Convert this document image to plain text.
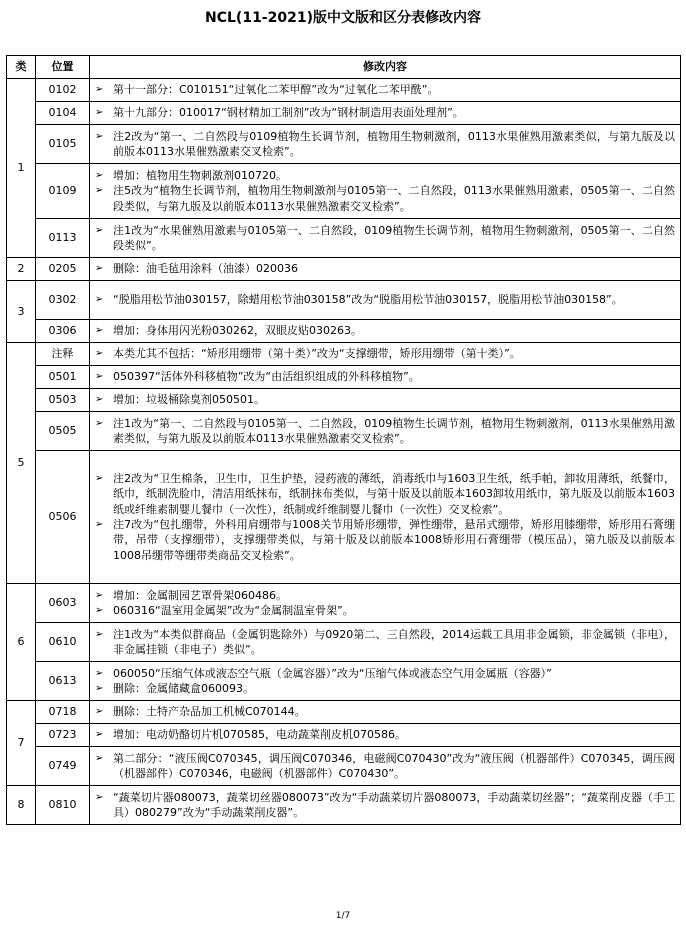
NCL(11-2021)版中文版和区分表修改内容
类	位置	修改内容
1	0102	➢ 第十一部分：C010151“过氧化二苯甲醇”改为“过氧化二苯甲酰”。

	0104	➢ 第十九部分：010017“钢材精加工制剂”改为“钢材制造用表面处理剂”。

	0105	➢ 注2改为“第一、二自然段与0109植物生长调节剂，植物用生物刺激剂，0113水果催熟用激素类似，与第九版及以前版本0113水果催熟激素交叉检索”。

	0109	➢ 增加：植物用生物刺激剂010720。
➢ 注5改为“植物生长调节剂，植物用生物刺激剂与0105第一、二自然段，0113水果催熟用激素，0505第一、二自然段类似，与第九版及以前版本0113水果催熟激素交叉检索”。

	0113	➢ 注1改为“水果催熟用激素与0105第一、二自然段，0109植物生长调节剂，植物用生物刺激剂，0505第一、二自然段类似”。

2	0205	➢ 删除：油毛毡用涂料（油漆）020036

3	0302	➢ “脱脂用松节油030157，除蜡用松节油030158”改为“脱脂用松节油030157，脱脂用松节油030158”。

	0306	➢ 增加：身体用闪光粉030262，双眼皮贴030263。

5	注释	➢ 本类尤其不包括：“矫形用绷带（第十类）”改为“支撑绷带，矫形用绷带（第十类）”。

	0501	➢ 050397“活体外科移植物”改为“由活组织组成的外科移植物”。

	0503	➢ 增加：垃圾桶除臭剂050501。

	0505	➢ 注1改为“第一、二自然段与0105第一、二自然段，0109植物生长调节剂，植物用生物刺激剂，0113水果催熟用激素类似，与第九版及以前版本0113水果催熟激素交叉检索”。

	0506	➢ 注2改为“卫生棉条，卫生巾，卫生护垫，浸药液的薄纸，消毒纸巾与1603卫生纸，纸手帕，卸妆用薄纸，纸餐巾，纸巾，纸制洗脸巾，清洁用纸抹布，纸制抹布类似，与第十版及以前版本1603卸妆用纸巾，第九版及以前版本1603纸或纤维素制婴儿餐巾（一次性），纸制或纤维制婴儿餐巾（一次性）交叉检索”。
➢ 注7改为“包扎绷带，外科用肩绷带与1008关节用矫形绷带，弹性绷带，悬吊式绷带，矫形用膝绷带，矫形用石膏绷带，吊带（支撑绷带），支撑绷带类似，与第十版及以前版本1008矫形用石膏绷带（模压品），第九版及以前版本1008吊绷带等绷带类商品交叉检索”。

6	0603	➢ 增加：金属制园艺罩骨架060486。
➢ 060316“温室用金属架”改为“金属制温室骨架”。

	0610	➢ 注1改为“本类似群商品（金属钥匙除外）与0920第二、三自然段，2014运载工具用非金属锁，非金属锁（非电），非金属挂锁（非电子）类似”。

	0613	➢ 060050“压缩气体或液态空气瓶（金属容器）”改为“压缩气体或液态空气用金属瓶（容器）”
➢ 删除：金属储藏盒060093。

7	0718	➢ 删除：土特产杂品加工机械C070144。

	0723	➢ 增加：电动奶酪切片机070585，电动蔬菜削皮机070586。

	0749	➢ 第二部分：“液压阀C070345，调压阀C070346，电磁阀C070430”改为“液压阀（机器部件）C070345，调压阀（机器部件）C070346，电磁阀（机器部件）C070430”。

8	0810	➢ “蔬菜切片器080073，蔬菜切丝器080073”改为“手动蔬菜切片器080073，手动蔬菜切丝器”；“蔬菜削皮器（手工具）080279”改为“手动蔬菜削皮器”。
1/7
